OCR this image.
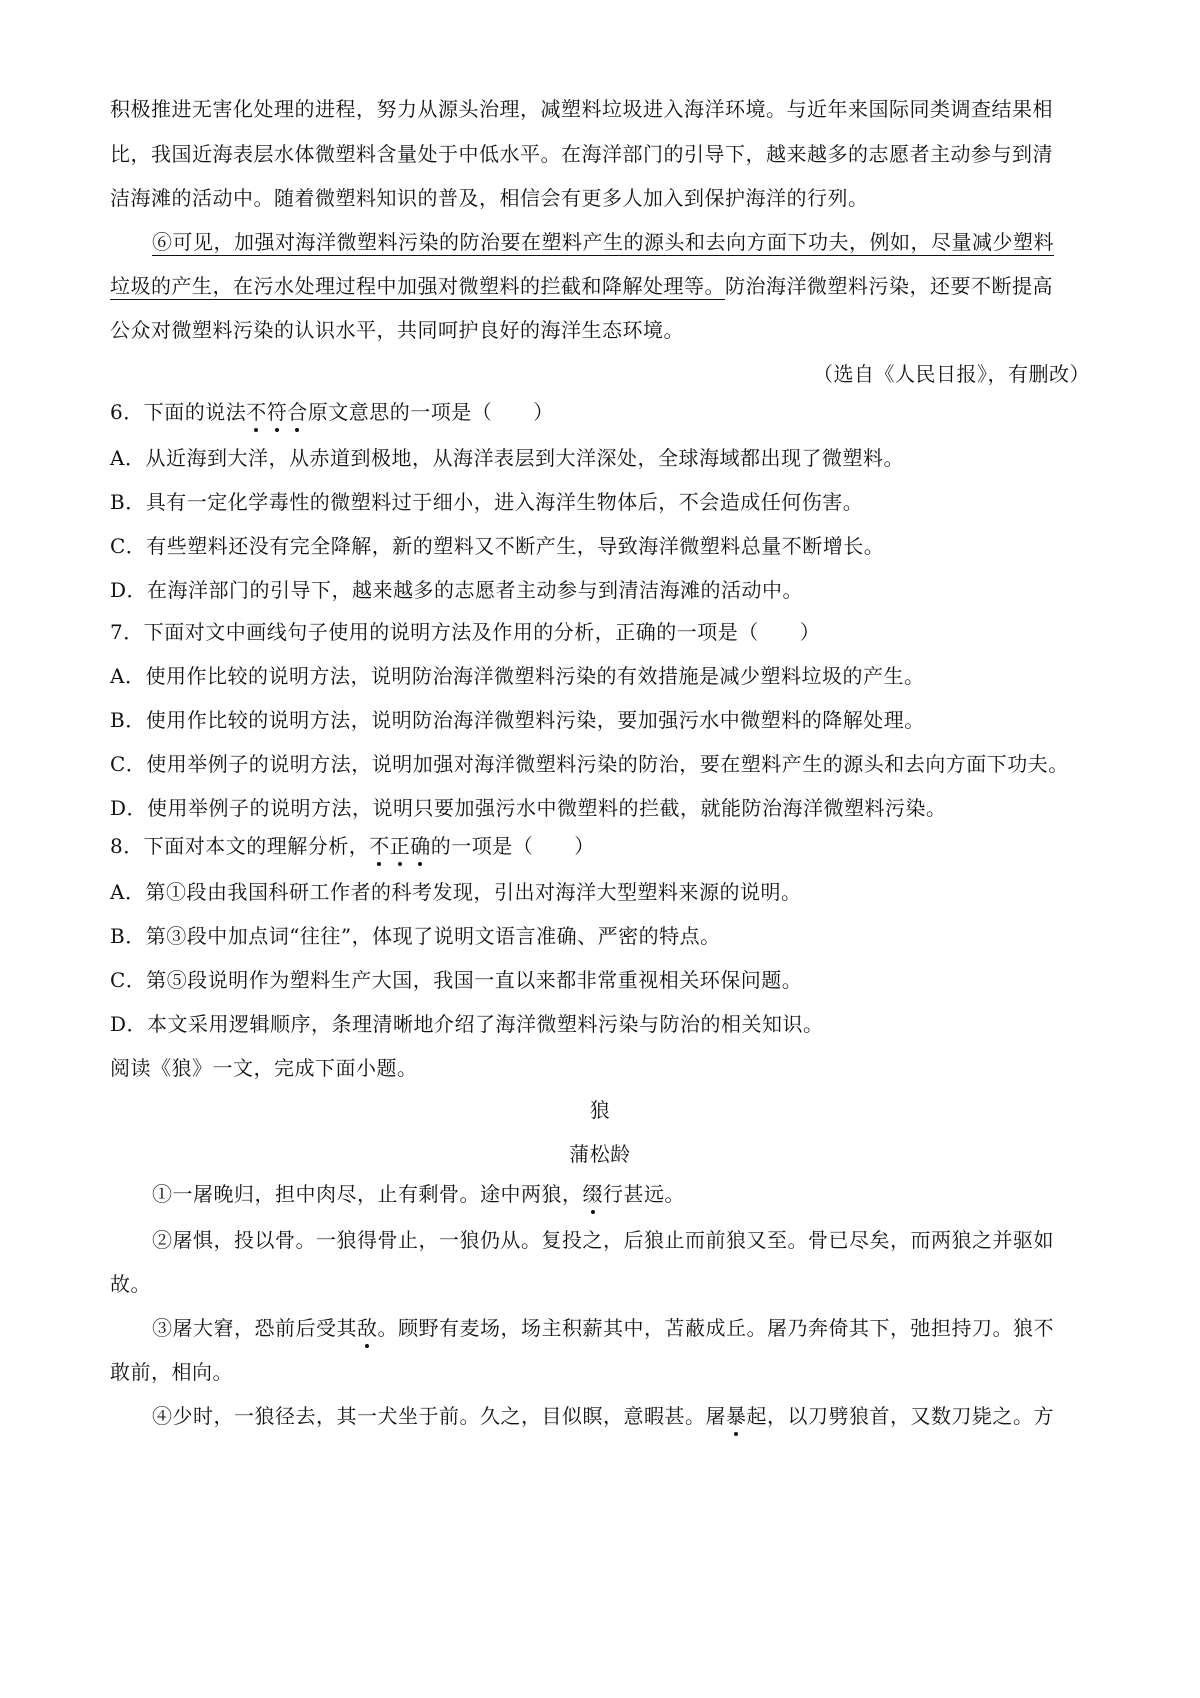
积极推进无害化处理的进程，努力从源头治理，减塑料垃圾进入海洋环境。与近年来国际同类调查结果相
比，我国近海表层水体微塑料含量处于中低水平。在海洋部门的引导下，越来越多的志愿者主动参与到清
洁海滩的活动中。随着微塑料知识的普及，相信会有更多人加入到保护海洋的行列。
⑥可见，加强对海洋微塑料污染的防治要在塑料产生的源头和去向方面下功夫，例如，尽量减少塑料
垃圾的产生，在污水处理过程中加强对微塑料的拦截和降解处理等。防治海洋微塑料污染，还要不断提高
公众对微塑料污染的认识水平，共同呵护良好的海洋生态环境。
（选自《人民日报》，有删改）
6．下面的说法不符合原文意思的一项是（　　）
A．从近海到大洋，从赤道到极地，从海洋表层到大洋深处，全球海域都出现了微塑料。
B．具有一定化学毒性的微塑料过于细小，进入海洋生物体后，不会造成任何伤害。
C．有些塑料还没有完全降解，新的塑料又不断产生，导致海洋微塑料总量不断增长。
D．在海洋部门的引导下，越来越多的志愿者主动参与到清洁海滩的活动中。
7．下面对文中画线句子使用的说明方法及作用的分析，正确的一项是（　　）
A．使用作比较的说明方法，说明防治海洋微塑料污染的有效措施是减少塑料垃圾的产生。
B．使用作比较的说明方法，说明防治海洋微塑料污染，要加强污水中微塑料的降解处理。
C．使用举例子的说明方法，说明加强对海洋微塑料污染的防治，要在塑料产生的源头和去向方面下功夫。
D．使用举例子的说明方法，说明只要加强污水中微塑料的拦截，就能防治海洋微塑料污染。
8．下面对本文的理解分析，不正确的一项是（　　）
A．第①段由我国科研工作者的科考发现，引出对海洋大型塑料来源的说明。
B．第③段中加点词“往往”，体现了说明文语言准确、严密的特点。
C．第⑤段说明作为塑料生产大国，我国一直以来都非常重视相关环保问题。
D．本文采用逻辑顺序，条理清晰地介绍了海洋微塑料污染与防治的相关知识。
阅读《狼》一文，完成下面小题。
狼
蒲松龄
①一屠晚归，担中肉尽，止有剩骨。途中两狼，缀行甚远。
②屠惧，投以骨。一狼得骨止，一狼仍从。复投之，后狼止而前狼又至。骨已尽矣，而两狼之并驱如
故。
③屠大窘，恐前后受其敌。顾野有麦场，场主积薪其中，苫蔽成丘。屠乃奔倚其下，弛担持刀。狼不
敢前，相向。
④少时，一狼径去，其一犬坐于前。久之，目似瞑，意暇甚。屠暴起，以刀劈狼首，又数刀毙之。方
